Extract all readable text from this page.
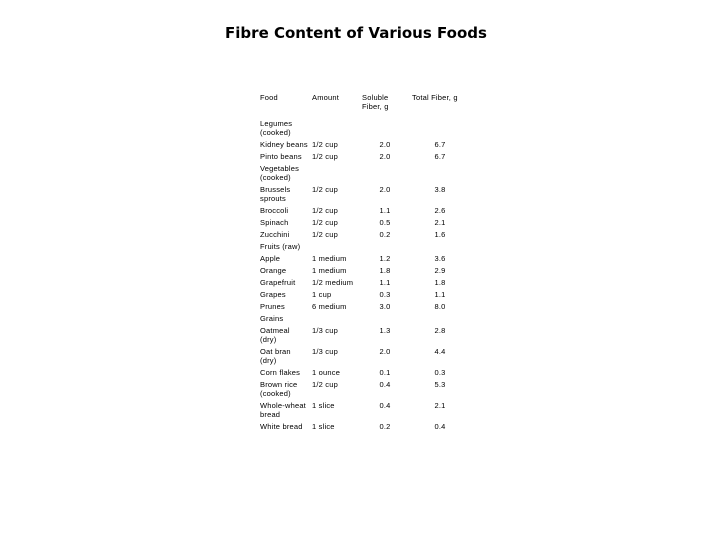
Fibre Content of Various Foods
Food	Amount	Soluble Fiber, g	Total Fiber, g
Legumes (cooked)			
Kidney beans	1/2 cup	2.0	6.7
Pinto beans	1/2 cup	2.0	6.7
Vegetables (cooked)			
Brussels sprouts	1/2 cup	2.0	3.8
Broccoli	1/2 cup	1.1	2.6
Spinach	1/2 cup	0.5	2.1
Zucchini	1/2 cup	0.2	1.6
Fruits (raw)			
Apple	1 medium	1.2	3.6
Orange	1 medium	1.8	2.9
Grapefruit	1/2 medium	1.1	1.8
Grapes	1 cup	0.3	1.1
Prunes	6 medium	3.0	8.0
Grains			
Oatmeal (dry)	1/3 cup	1.3	2.8
Oat bran (dry)	1/3 cup	2.0	4.4
Corn flakes	1 ounce	0.1	0.3
Brown rice (cooked)	1/2 cup	0.4	5.3
Whole-wheat bread	1 slice	0.4	2.1
White bread	1 slice	0.2	0.4
